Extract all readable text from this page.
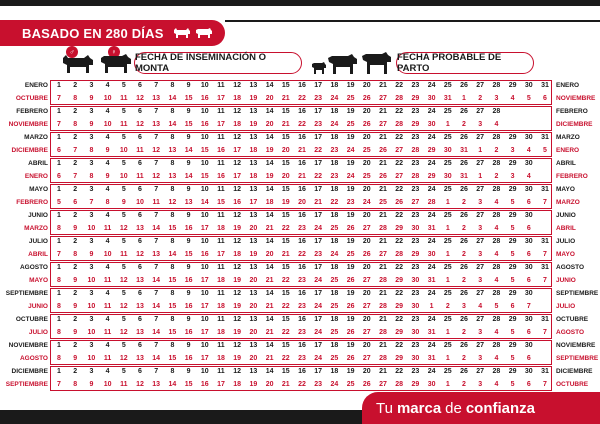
BASADO EN 280 DÍAS
♂	♀	FECHA DE INSEMINACIÓN O MONTA
FECHA PROBABLE DE PARTO
ENERO	1	2	3	4	5	6	7	8	9	10	11	12	13	14	15	16	17	18	19	20	21	22	23	24	25	26	27	28	29	30	31	ENERO
OCTUBRE	7	8	9	10	11	12	13	14	15	16	17	18	19	20	21	22	23	24	25	26	27	28	29	30	31	1	2	3	4	5	6	NOVIEMBRE
FEBRERO	1	2	3	4	5	6	7	8	9	10	11	12	13	14	15	16	17	18	19	20	21	22	23	24	25	26	27	28	FEBRERO
NOVIEMBRE	7	8	9	10	11	12	13	14	15	16	17	18	19	20	21	22	23	24	25	26	27	28	29	30	1	2	3	4	DICIEMBRE
MARZO	1	2	3	4	5	6	7	8	9	10	11	12	13	14	15	16	17	18	19	20	21	22	23	24	25	26	27	28	29	30	31	MARZO
DICIEMBRE	6	7	8	9	10	11	12	13	14	15	16	17	18	19	20	21	22	23	24	25	26	27	28	29	30	31	1	2	3	4	5	ENERO
ABRIL	1	2	3	4	5	6	7	8	9	10	11	12	13	14	15	16	17	18	19	20	21	22	23	24	25	26	27	28	29	30	ABRIL
ENERO	6	7	8	9	10	11	12	13	14	15	16	17	18	19	20	21	22	23	24	25	26	27	28	29	30	31	1	2	3	4	FEBRERO
MAYO	1	2	3	4	5	6	7	8	9	10	11	12	13	14	15	16	17	18	19	20	21	22	23	24	25	26	27	28	29	30	31	MAYO
FEBRERO	5	6	7	8	9	10	11	12	13	14	15	16	17	18	19	20	21	22	23	24	25	26	27	28	1	2	3	4	5	6	7	MARZO
JUNIO	1	2	3	4	5	6	7	8	9	10	11	12	13	14	15	16	17	18	19	20	21	22	23	24	25	26	27	28	29	30	JUNIO
MARZO	8	9	10	11	12	13	14	15	16	17	18	19	20	21	22	23	24	25	26	27	28	29	30	31	1	2	3	4	5	6	ABRIL
JULIO	1	2	3	4	5	6	7	8	9	10	11	12	13	14	15	16	17	18	19	20	21	22	23	24	25	26	27	28	29	30	31	JULIO
ABRIL	7	8	9	10	11	12	13	14	15	16	17	18	19	20	21	22	23	24	25	26	27	28	29	30	1	2	3	4	5	6	7	MAYO
AGOSTO	1	2	3	4	5	6	7	8	9	10	11	12	13	14	15	16	17	18	19	20	21	22	23	24	25	26	27	28	29	30	31	AGOSTO
MAYO	8	9	10	11	12	13	14	15	16	17	18	19	20	21	22	23	24	25	26	27	28	29	30	31	1	2	3	4	5	6	7	JUNIO
SEPTIEMBRE	1	2	3	4	5	6	7	8	9	10	11	12	13	14	15	16	17	18	19	20	21	22	23	24	25	26	27	28	29	30	SEPTIEMBRE
JUNIO	8	9	10	11	12	13	14	15	16	17	18	19	20	21	22	23	24	25	26	27	28	29	30	1	2	3	4	5	6	7	JULIO
OCTUBRE	1	2	3	4	5	6	7	8	9	10	11	12	13	14	15	16	17	18	19	20	21	22	23	24	25	26	27	28	29	30	31	OCTUBRE
JULIO	8	9	10	11	12	13	14	15	16	17	18	19	20	21	22	23	24	25	26	27	28	29	30	31	1	2	3	4	5	6	7	AGOSTO
NOVIEMBRE	1	2	3	4	5	6	7	8	9	10	11	12	13	14	15	16	17	18	19	20	21	22	23	24	25	26	27	28	29	30	NOVIEMBRE
AGOSTO	8	9	10	11	12	13	14	15	16	17	18	19	20	21	22	23	24	25	26	27	28	29	30	31	1	2	3	4	5	6	SEPTIEMBRE
DICIEMBRE	1	2	3	4	5	6	7	8	9	10	11	12	13	14	15	16	17	18	19	20	21	22	23	24	25	26	27	28	29	30	31	DICIEMBRE
SEPTIEMBRE	7	8	9	10	11	12	13	14	15	16	17	18	19	20	21	22	23	24	25	26	27	28	29	30	1	2	3	4	5	6	7	OCTUBRE
Tu marca de confianza
